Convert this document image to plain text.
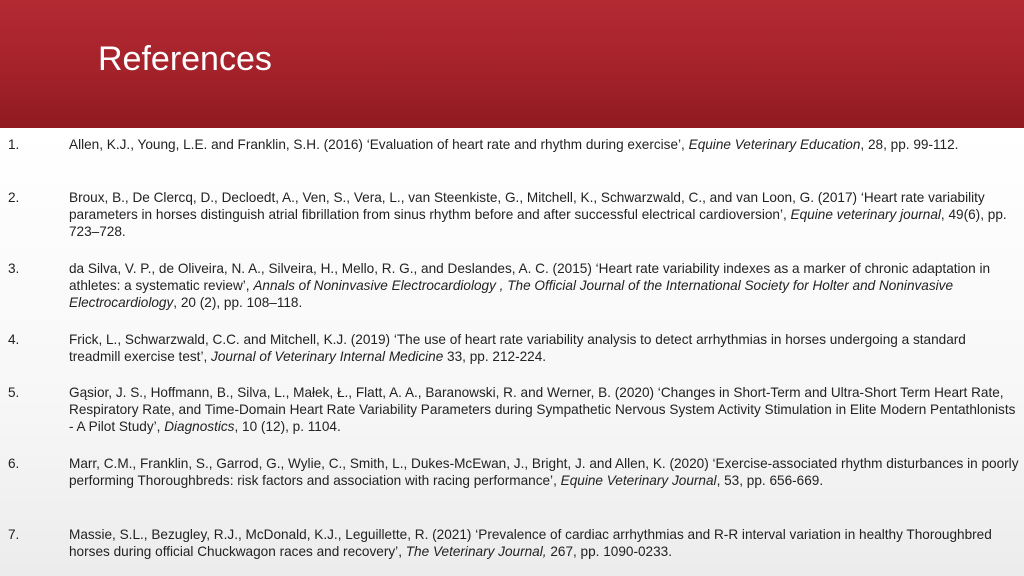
References
1.	Allen, K.J., Young, L.E. and Franklin, S.H. (2016) ‘Evaluation of heart rate and rhythm during exercise’, Equine Veterinary Education, 28, pp. 99-112.
2.	Broux, B., De Clercq, D., Decloedt, A., Ven, S., Vera, L., van Steenkiste, G., Mitchell, K., Schwarzwald, C., and van Loon, G. (2017) ‘Heart rate variability parameters in horses distinguish atrial fibrillation from sinus rhythm before and after successful electrical cardioversion’, Equine veterinary journal, 49(6), pp. 723–728.
3.	da Silva, V. P., de Oliveira, N. A., Silveira, H., Mello, R. G., and Deslandes, A. C. (2015) ‘Heart rate variability indexes as a marker of chronic adaptation in athletes: a systematic review’, Annals of Noninvasive Electrocardiology , The Official Journal of the International Society for Holter and Noninvasive Electrocardiology, 20 (2), pp. 108–118.
4.	Frick, L., Schwarzwald, C.C. and Mitchell, K.J. (2019) ‘The use of heart rate variability analysis to detect arrhythmias in horses undergoing a standard treadmill exercise test’, Journal of Veterinary Internal Medicine 33, pp. 212-224.
5.	Gąsior, J. S., Hoffmann, B., Silva, L., Małek, Ł., Flatt, A. A., Baranowski, R. and Werner, B. (2020) ‘Changes in Short-Term and Ultra-Short Term Heart Rate, Respiratory Rate, and Time-Domain Heart Rate Variability Parameters during Sympathetic Nervous System Activity Stimulation in Elite Modern Pentathlonists - A Pilot Study’, Diagnostics, 10 (12), p. 1104.
6.	Marr, C.M., Franklin, S., Garrod, G., Wylie, C., Smith, L., Dukes-McEwan, J., Bright, J. and Allen, K. (2020) ‘Exercise-associated rhythm disturbances in poorly performing Thoroughbreds: risk factors and association with racing performance’, Equine Veterinary Journal, 53, pp. 656-669.
7.	Massie, S.L., Bezugley, R.J., McDonald, K.J., Leguillette, R. (2021) ‘Prevalence of cardiac arrhythmias and R-R interval variation in healthy Thoroughbred horses during official Chuckwagon races and recovery’, The Veterinary Journal, 267, pp. 1090-0233.
